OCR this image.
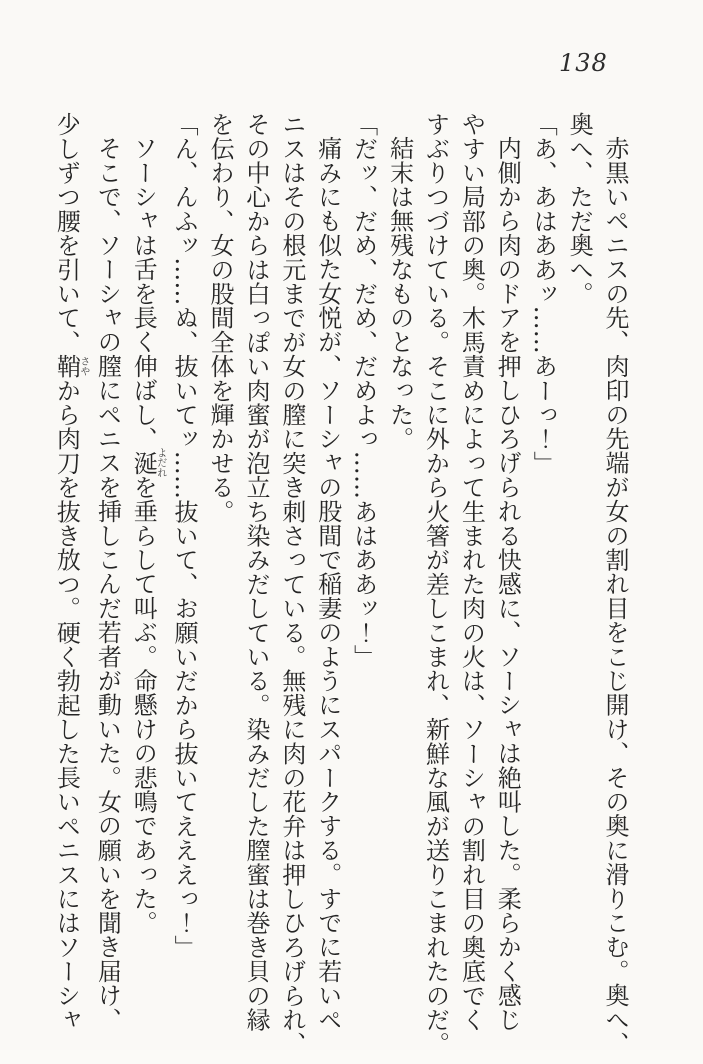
138

赤黒いペニスの先、肉印の先端が女の割れ目をこじ開け、その奥に滑りこむ。奥へ、

奥へ、ただ奥へ。

「あ、あはああッ……あーっ！」

内側から肉のドアを押しひろげられる快感に、ソーシャは絶叫した。柔らかく感じ

やすい局部の奥。木馬責めによって生まれた肉の火は、ソーシャの割れ目の奥底でく

すぶりつづけている。そこに外から火箸が差しこまれ、新鮮な風が送りこまれたのだ。

結末は無残なものとなった。

「だッ、だめ、だめ、だめよっ……あはああッ！」

痛みにも似た女悦が、ソーシャの股間で稲妻のようにスパークする。すでに若いペ

ニスはその根元までが女の膣に突き刺さっている。無残に肉の花弁は押しひろげられ、

その中心からは白っぽい肉蜜が泡立ち染みだしている。染みだした膣蜜は巻き貝の縁

を伝わり、女の股間全体を輝かせる。

「ん、んふッ……ぬ、抜いてッ……抜いて、お願いだから抜いてえええっ！」

ソーシャは舌を長く伸ばし、涎よだれを垂らして叫ぶ。命懸けの悲鳴であった。

そこで、ソーシャの膣にペニスを挿しこんだ若者が動いた。女の願いを聞き届け、

少しずつ腰を引いて、鞘さやから肉刀を抜き放つ。硬く勃起した長いペニスにはソーシャ
